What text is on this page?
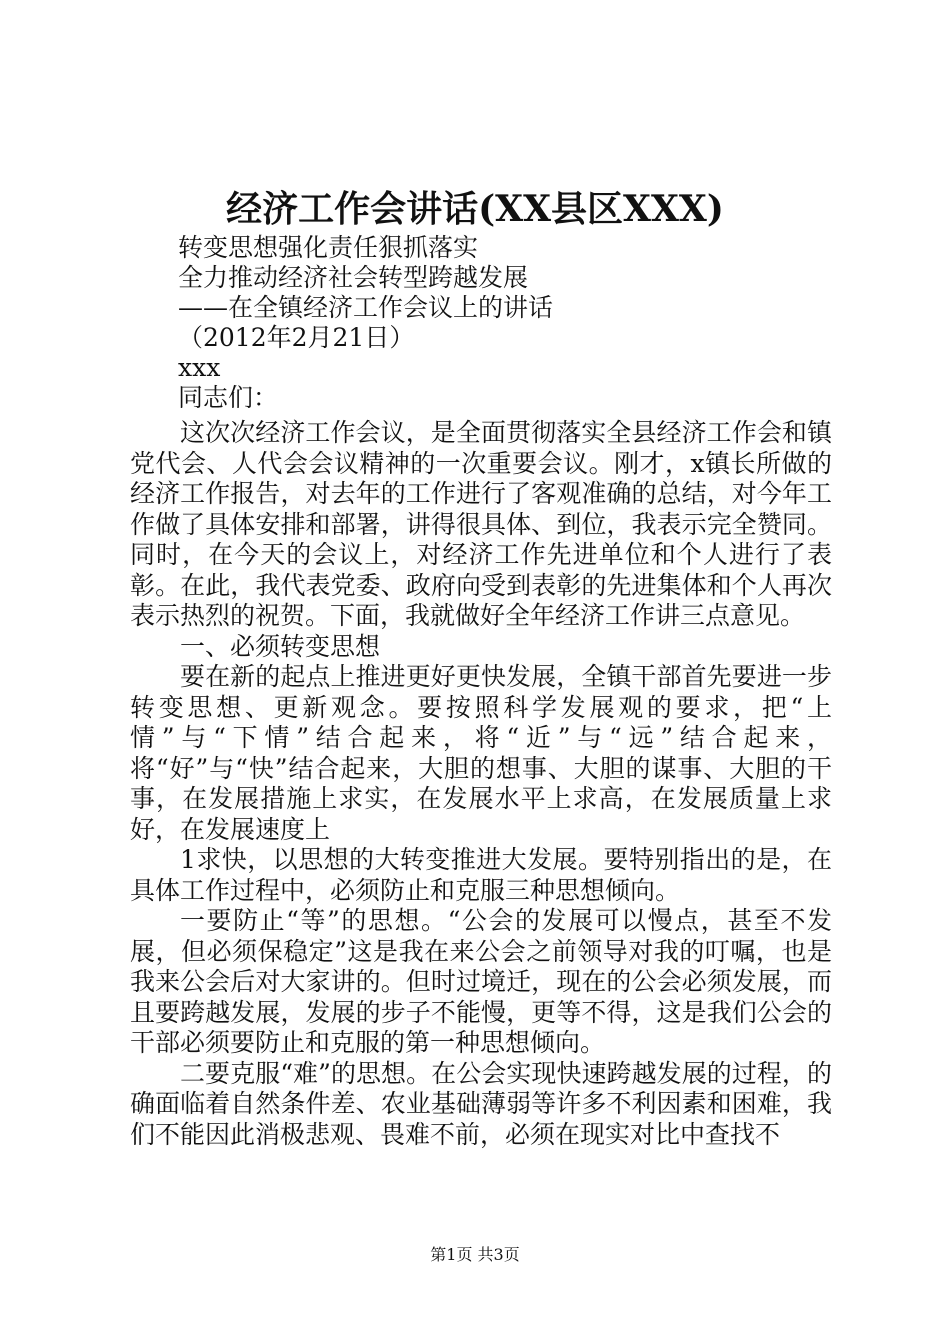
经济工作会讲话(XX县区XXX)
转变思想强化责任狠抓落实
全力推动经济社会转型跨越发展
——在全镇经济工作会议上的讲话
（2012年2月21日）
xxx
同志们：

这次次经济工作会议，是全面贯彻落实全县经济工作会和镇党代会、人代会会议精神的一次重要会议。刚才，x镇长所做的经济工作报告，对去年的工作进行了客观准确的总结，对今年工作做了具体安排和部署，讲得很具体、到位，我表示完全赞同。同时，在今天的会议上，对经济工作先进单位和个人进行了表彰。在此，我代表党委、政府向受到表彰的先进集体和个人再次表示热烈的祝贺。下面，我就做好全年经济工作讲三点意见。

一、必须转变思想

要在新的起点上推进更好更快发展，全镇干部首先要进一步转变思想、更新观念。要按照科学发展观的要求，把“上情”与“下情”结合起来，将“近”与“远”结合起来，将“好”与“快”结合起来，大胆的想事、大胆的谋事、大胆的干事，在发展措施上求实，在发展水平上求高，在发展质量上求好，在发展速度上

1求快，以思想的大转变推进大发展。要特别指出的是，在具体工作过程中，必须防止和克服三种思想倾向。

一要防止“等”的思想。“公会的发展可以慢点，甚至不发展，但必须保稳定”这是我在来公会之前领导对我的叮嘱，也是我来公会后对大家讲的。但时过境迁，现在的公会必须发展，而且要跨越发展，发展的步子不能慢，更等不得，这是我们公会的干部必须要防止和克服的第一种思想倾向。

二要克服“难”的思想。在公会实现快速跨越发展的过程，的确面临着自然条件差、农业基础薄弱等许多不利因素和困难，我们不能因此消极悲观、畏难不前，必须在现实对比中查找不

第1页 共3页
